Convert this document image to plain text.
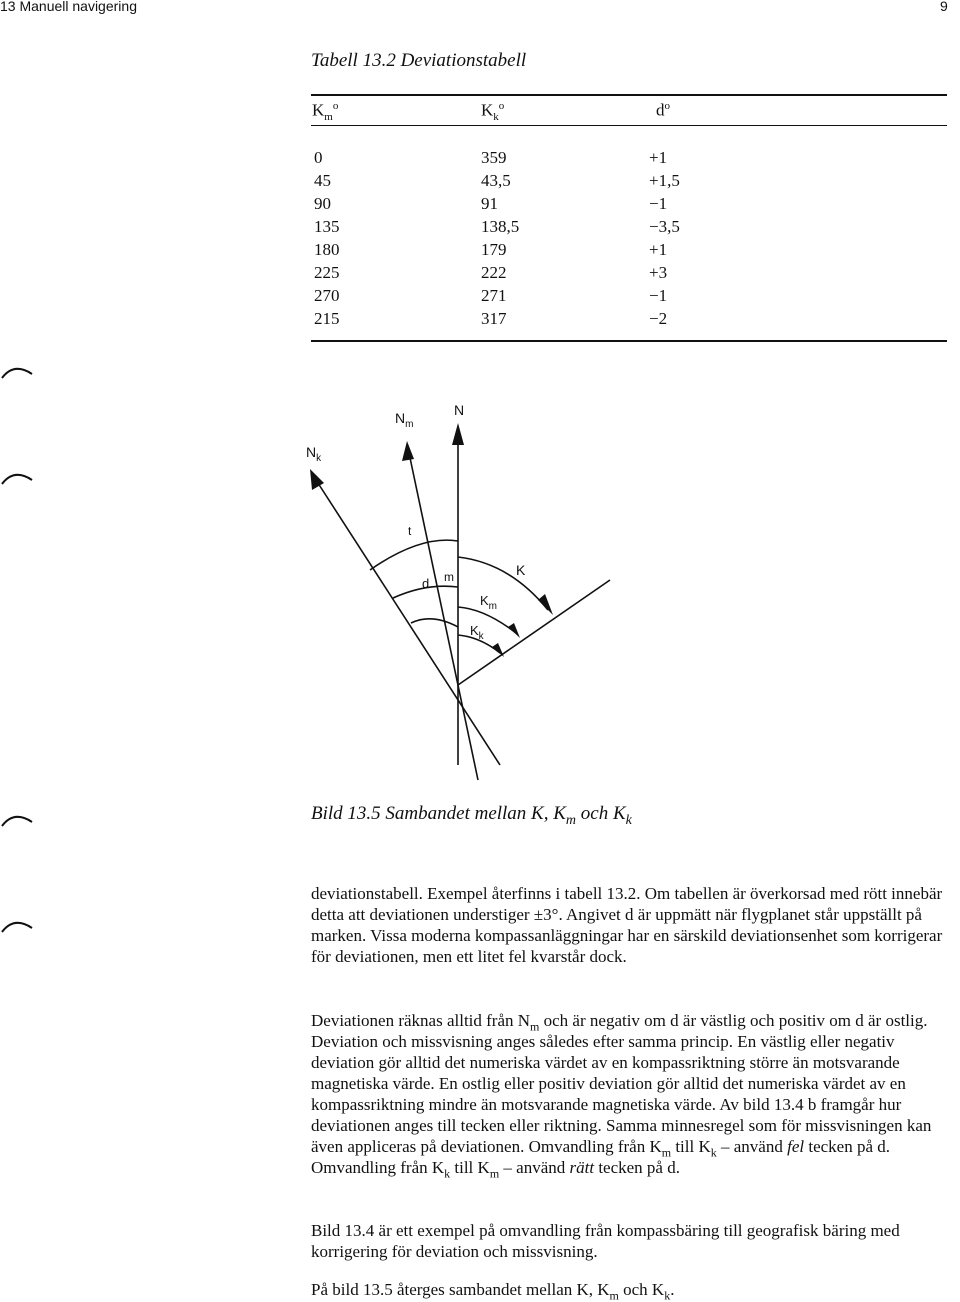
13 Manuell navigering	9
Tabell 13.2 Deviationstabell
$K_m^o$	$K_k^o$	$d^o$
0	359	+1
45	43,5	+1,5
90	91	−1
135	138,5	−3,5
180	179	+1
225	222	+3
270	271	−1
215	317	−2
$N_m$
N
$N_k$
t
d m	K
$K_m$
$K_k$
Bild 13.5 Sambandet mellan K, $K_m$ och $K_k$

deviationstabell. Exempel återfinns i tabell 13.2. Om tabellen är överkorsad med rött innebär detta att deviationen understiger ±3°. Angivet d är uppmätt när flygplanet står uppställt på marken. Vissa moderna kompassanläggningar har en särskild deviationsenhet som korrigerar för deviationen, men ett litet fel kvarstår dock.

Deviationen räknas alltid från $N_m$ och är negativ om d är västlig och positiv om d är ostlig. Deviation och missvisning anges således efter samma princip. En västlig eller negativ deviation gör alltid det numeriska värdet av en kompassriktning större än motsvarande magnetiska värde. En ostlig eller positiv deviation gör alltid det numeriska värdet av en kompassriktning mindre än motsvarande magnetiska värde. Av bild 13.4 b framgår hur deviationen anges till tecken eller riktning. Samma minnesregel som för missvisningen kan även appliceras på deviationen. Omvandling från $K_m$ till $K_k$ – använd fel tecken på d. Omvandling från $K_k$ till $K_m$ – använd rätt tecken på d.

Bild 13.4 är ett exempel på omvandling från kompassbäring till geografisk bäring med korrigering för deviation och missvisning.

På bild 13.5 återges sambandet mellan K, $K_m$ och $K_k$.
